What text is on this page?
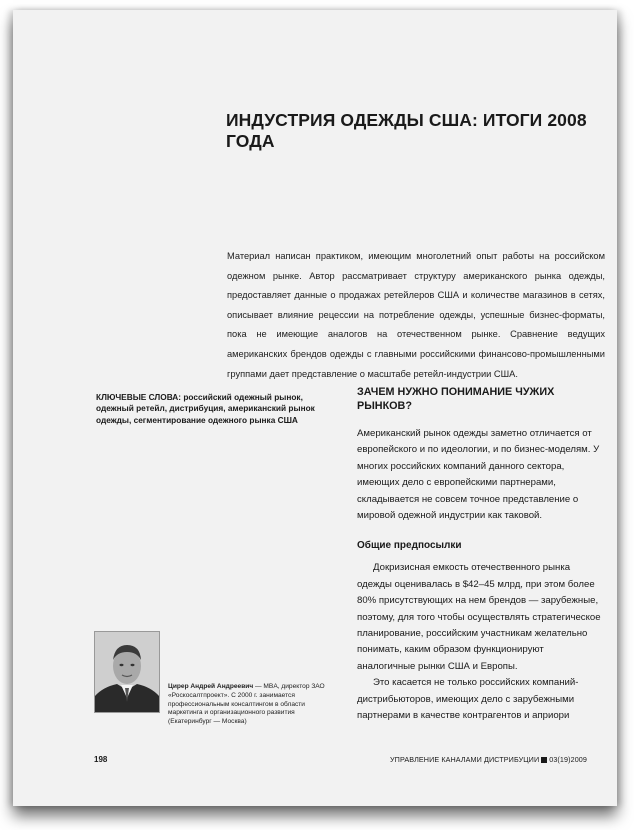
ИНДУСТРИЯ ОДЕЖДЫ США: ИТОГИ 2008 ГОДА

Материал написан практиком, имеющим многолетний опыт работы на российском одежном рынке. Автор рассматривает структуру американского рынка одежды, предоставляет данные о продажах ретейлеров США и количестве магазинов в сетях, описывает влияние рецессии на потребление одежды, успешные бизнес-форматы, пока не имеющие аналогов на отечественном рынке. Сравнение ведущих американских брендов одежды с главными российскими финансово-промышленными группами дает представление о масштабе ретейл-индустрии США.

КЛЮЧЕВЫЕ СЛОВА: российский одежный рынок, одежный ретейл, дистрибуция, американский рынок одежды, сегментирование одежного рынка США
ЗАЧЕМ НУЖНО ПОНИМАНИЕ ЧУЖИХ РЫНКОВ?

Американский рынок одежды заметно отличается от европейского и по идеологии, и по бизнес-моделям. У многих российских компаний данного сектора, имеющих дело с европейскими партнерами, складывается не совсем точное представление о мировой одежной индустрии как таковой.

Общие предпосылки

Докризисная емкость отечественного рынка одежды оценивалась в $42–45 млрд, при этом более 80% присутствующих на нем брендов — зарубежные, поэтому, для того чтобы осуществлять стратегическое планирование, российским участникам желательно понимать, каким образом функционируют аналогичные рынки США и Европы.

Это касается не только российских компаний-дистрибьюторов, имеющих дело с зарубежными партнерами в качестве контрагентов и априори

Цирер Андрей Андреевич — MBA, директор ЗАО «Роскосалтпроект». С 2000 г. занимается профессиональным консалтингом в области маркетинга и организационного развития (Екатеринбург — Москва)
198	УПРАВЛЕНИЕ КАНАЛАМИ ДИСТРИБУЦИИ 03(19)2009
